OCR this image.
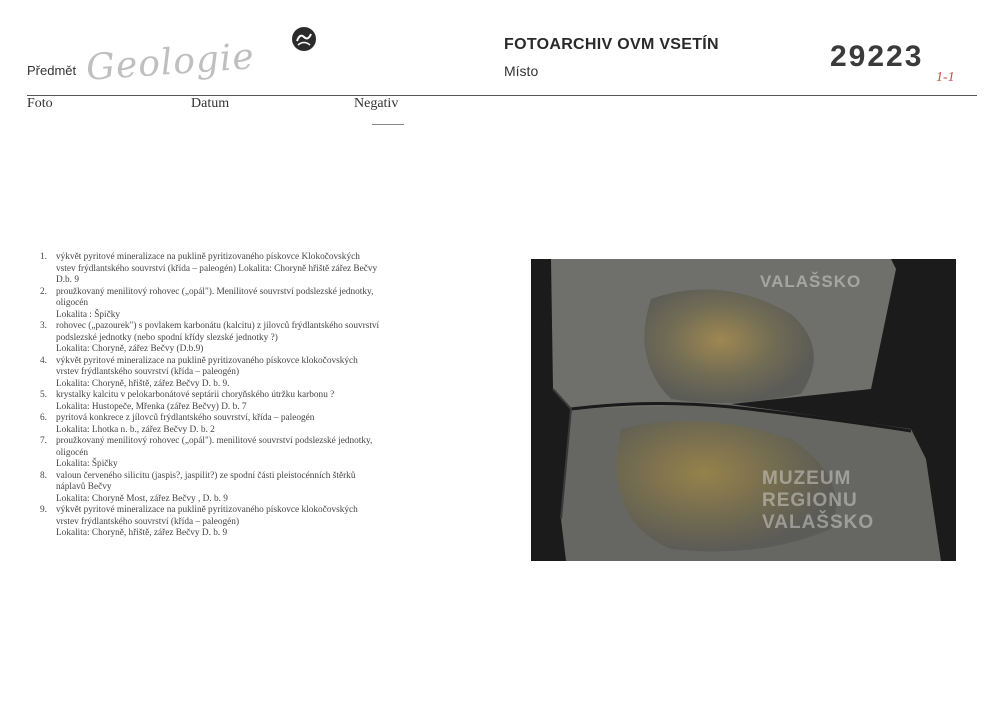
Předmět Geologie	FOTOARCHIV OVM VSETÍN
Místo	29223
1-1
Foto	Datum	Negativ
1. výkvět pyritové mineralizace na puklině pyritizovaného pískovce Klokočovských
vstev frýdlantského souvrství (křída – paleogén) Lokalita: Choryně hřiště zářez Bečvy
D.b. 9
2. proužkovaný menilitový rohovec („opál"). Menilitové souvrství podslezské jednotky,
oligocén
Lokalita : Špičky
3. rohovec („pazourek") s povlakem karbonátu (kalcitu) z jílovců frýdlantského souvrství
podslezské jednotky (nebo spodní křídy slezské jednotky ?)
Lokalita: Choryně, zářez Bečvy (D.b.9)
4. výkvět pyritové mineralizace na puklině pyritizovaného pískovce klokočovských
vrstev frýdlantského souvrství (křída – paleogén)
Lokalita: Choryně, hřiště, zářez Bečvy D. b. 9.
5. krystalky kalcitu v pelokarbonátové septárii choryňského útržku karbonu ?
Lokalita: Hustopeče, Mřenka (zářez Bečvy) D. b. 7
6. pyritová konkrece z jílovců frýdlantského souvrství, křída – paleogén
Lokalita: Lhotka n. b., zářez Bečvy D. b. 2
7. proužkovaný menilitový rohovec („opál"). menilitové souvrství podslezské jednotky,
oligocén
Lokalita: Špičky
8. valoun červeného silicitu (jaspis?, jaspilit?) ze spodní části pleistocénních štěrků
náplavů Bečvy
Lokalita: Choryně Most, zářez Bečvy , D. b. 9
9. výkvět pyritové mineralizace na puklině pyritizovaného pískovce klokočovských
vrstev frýdlantského souvrství (křída – paleogén)
Lokalita: Choryně, hřiště, zářez Bečvy D. b. 9
VALAŠSKO
MUZEUM
REGIONU
VALAŠSKO
